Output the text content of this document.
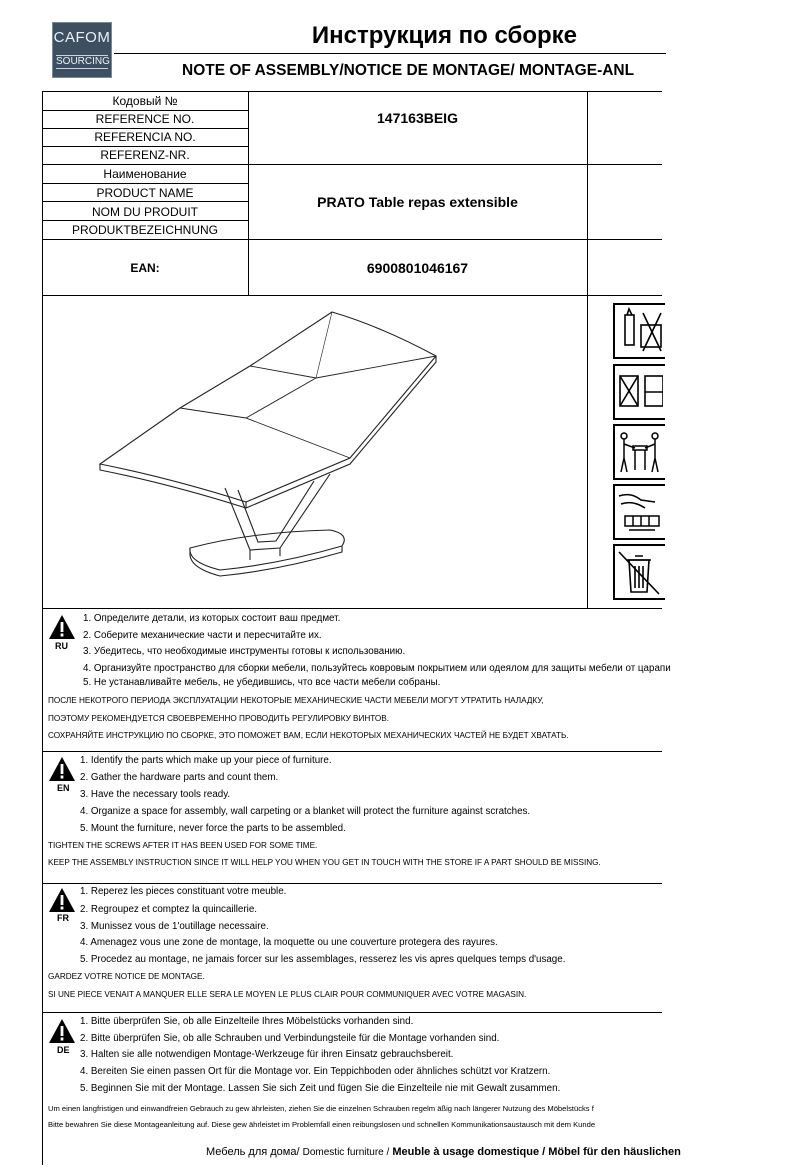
CAFOM
SOURCING
Инструкция по сборке
NOTE OF ASSEMBLY/NOTICE DE MONTAGE/ MONTAGE-ANL
Кодовый №
REFERENCE NO.
REFERENCIA NO.
REFERENZ-NR.
147163BEIG
Наименование
PRODUCT NAME
NOM DU PRODUIT
PRODUKTBEZEICHNUNG
PRATO Table repas extensible
EAN:	6900801046167
RU
1. Определите детали, из которых состоит ваш предмет.
2. Соберите механические части и пересчитайте их.
3. Убедитесь, что необходимые инструменты готовы к использованию.
4. Организуйте пространство для сборки мебели, пользуйтесь ковровым покрытием или одеялом для защиты мебели от царапи
5. Не устанавливайте мебель, не убедившись, что все части мебели собраны.
ПОСЛЕ НЕКОТРОГО ПЕРИОДА ЭКСПЛУАТАЦИИ НЕКОТОРЫЕ МЕХАНИЧЕСКИЕ ЧАСТИ МЕБЕЛИ МОГУТ УТРАТИТЬ НАЛАДКУ,
ПОЭТОМУ РЕКОМЕНДУЕТСЯ СВОЕВРЕМЕННО ПРОВОДИТЬ РЕГУЛИРОВКУ ВИНТОВ.
СОХРАНЯЙТЕ ИНСТРУКЦИЮ ПО СБОРКЕ, ЭТО ПОМОЖЕТ ВАМ, ЕСЛИ НЕКОТОРЫХ МЕХАНИЧЕСКИХ ЧАСТЕЙ НЕ БУДЕТ ХВАТАТЬ.
EN
1. Identify the parts which make up your piece of furniture.
2. Gather the hardware parts and count them.
3. Have the necessary tools ready.
4. Organize a space for assembly, wall carpeting or a blanket will protect the furniture against scratches.
5. Mount the furniture, never force the parts to be assembled.
TIGHTEN THE SCREWS AFTER IT HAS BEEN USED FOR SOME TIME.
KEEP THE ASSEMBLY INSTRUCTION SINCE IT WILL HELP YOU WHEN YOU GET IN TOUCH WITH THE STORE IF A PART SHOULD BE MISSING.
FR
1. Reperez les pieces constituant votre meuble.
2. Regroupez et comptez la quincaillerie.
3. Munissez vous de 1'outillage necessaire.
4. Amenagez vous une zone de montage, la moquette ou une couverture protegera des rayures.
5. Procedez au montage, ne jamais forcer sur les assemblages, resserez les vis apres quelques temps d'usage.
GARDEZ VOTRE NOTICE DE MONTAGE.
SI UNE PIECE VENAIT A MANQUER ELLE SERA LE MOYEN LE PLUS CLAIR POUR COMMUNIQUER AVEC VOTRE MAGASIN.
DE
1. Bitte überprüfen Sie, ob alle Einzelteile Ihres Möbelstücks vorhanden sind.
2. Bitte überprüfen Sie, ob alle Schrauben und Verbindungsteile für die Montage vorhanden sind.
3. Halten sie alle notwendigen Montage-Werkzeuge für ihren Einsatz gebrauchsbereit.
4. Bereiten Sie einen passen Ort für die Montage vor. Ein Teppichboden oder ähnliches schützt vor Kratzern.
5. Beginnen Sie mit der Montage. Lassen Sie sich Zeit und fügen Sie die Einzelteile nie mit Gewalt zusammen.
Um einen langfristigen und einwandfreien Gebrauch zu gew ährleisten, ziehen Sie die einzelnen Schrauben regelm äßig nach längerer Nutzung des Möbelstücks f
Bitte bewahren Sie diese Montageanleitung auf. Diese gew ährleistet im Problemfall einen reibungslosen und schnellen Kommunikationsaustausch mit dem Kunde
Мебель для дома/ Domestic furniture / Meuble à usage domestique / Möbel für den häuslichen
